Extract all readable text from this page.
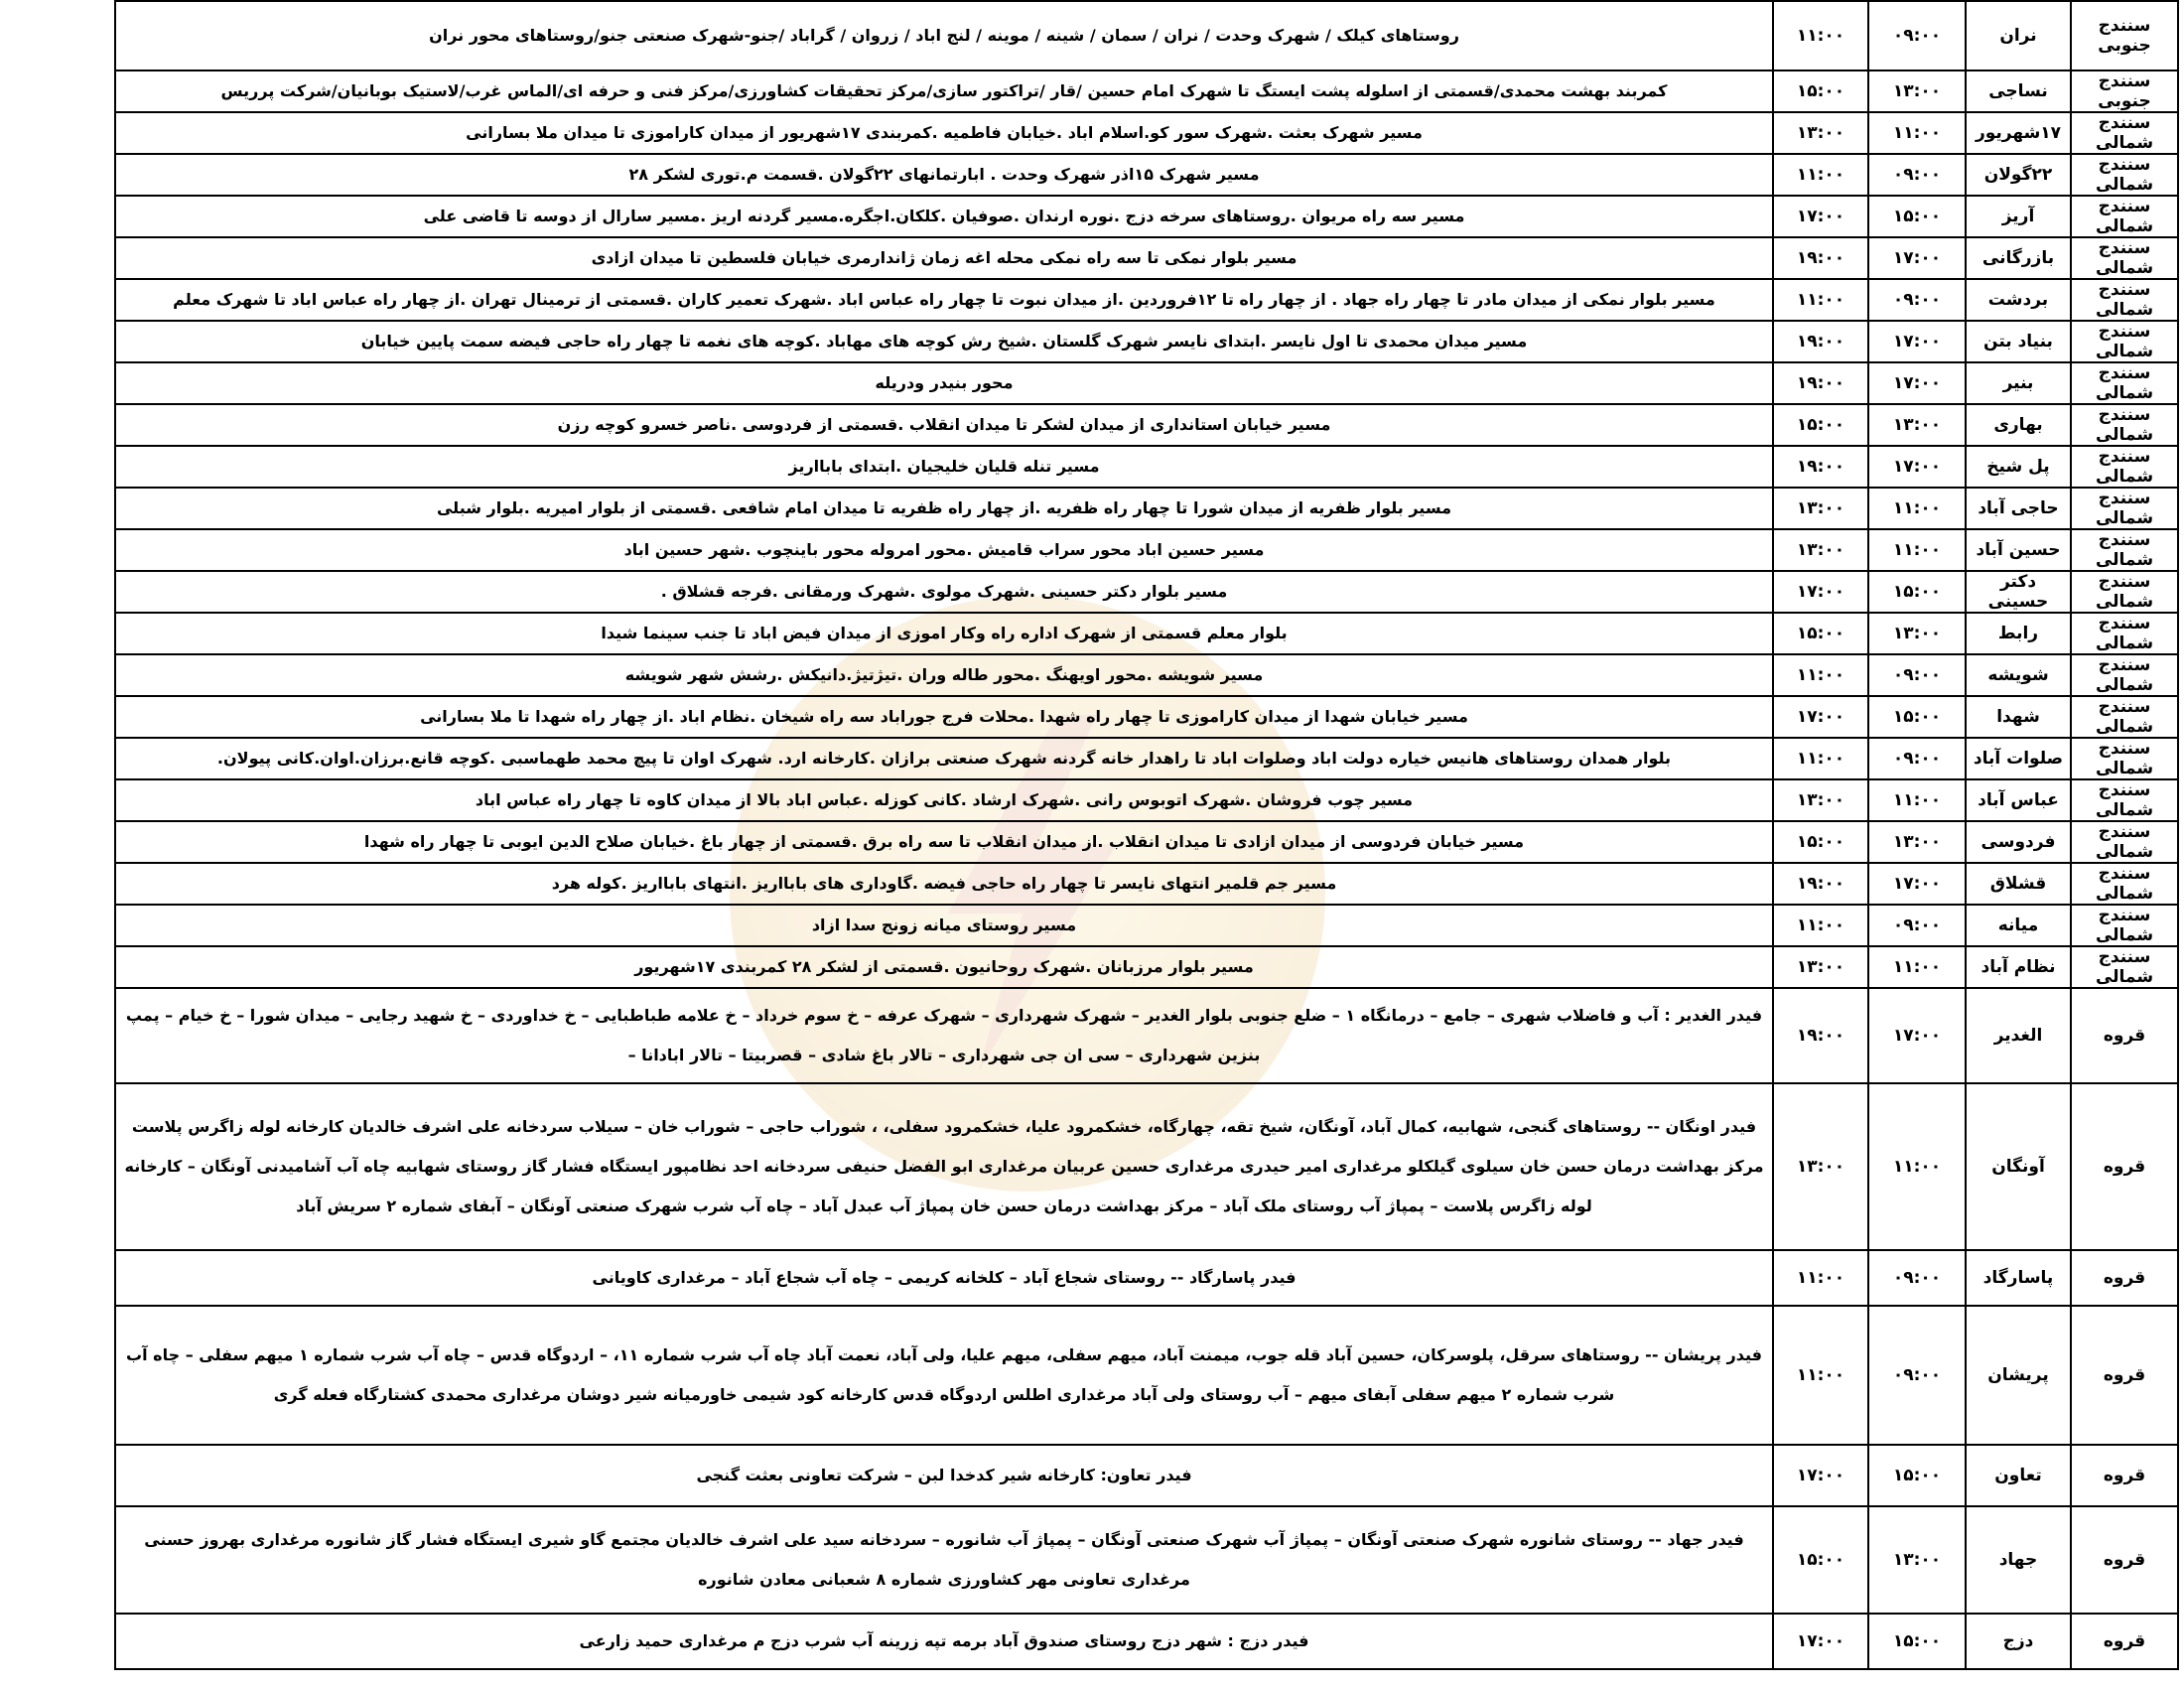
سنندج جنوبی	نران	۰۹:۰۰	۱۱:۰۰	روستاهای کیلک / شهرک وحدت / نران / سمان / شینه / موینه / لنج اباد / زروان / گراباد /جنو-شهرک صنعتی جنو/روستاهای محور نران
سنندج جنوبی	نساجی	۱۳:۰۰	۱۵:۰۰	کمربند بهشت محمدی/قسمتی از اسلوله پشت ایستگ تا شهرک امام حسین /قار /تراکتور سازی/مرکز تحقیقات کشاورزی/مرکز فنی و حرفه ای/الماس غرب/لاستیک بوبانیان/شرکت پرریس
سنندج شمالی	۱۷شهریور	۱۱:۰۰	۱۳:۰۰	مسیر شهرک بعثت .شهرک سور کو.اسلام اباد .خیابان فاطمیه .کمربندی ۱۷شهریور از میدان کاراموزی تا میدان ملا بسارانی
سنندج شمالی	۲۲گولان	۰۹:۰۰	۱۱:۰۰	مسیر شهرک ۱۵اذر شهرک وحدت . ابارتمانهای ۲۲گولان .قسمت م.توری لشکر ۲۸
سنندج شمالی	آریز	۱۵:۰۰	۱۷:۰۰	مسیر سه راه مریوان .روستاهای سرخه دزج .نوره ارندان .صوفیان .کلکان.اجگره.مسیر گردنه اریز .مسیر سارال از دوسه تا قاضی علی
سنندج شمالی	بازرگانی	۱۷:۰۰	۱۹:۰۰	مسیر بلوار نمکی تا سه راه نمکی محله اغه زمان ژاندارمری خیابان فلسطین تا میدان ازادی
سنندج شمالی	بردشت	۰۹:۰۰	۱۱:۰۰	مسیر بلوار نمکی از میدان مادر تا چهار راه جهاد . از چهار راه تا ۱۲فروردین .از میدان نبوت تا چهار راه عباس اباد .شهرک تعمیر کاران .قسمتی از ترمینال تهران .از چهار راه عباس اباد تا شهرک معلم
سنندج شمالی	بنیاد بتن	۱۷:۰۰	۱۹:۰۰	مسیر میدان محمدی تا اول نایسر .ابتدای نایسر شهرک گلستان .شیخ رش کوچه های مهاباد .کوچه های نغمه تا چهار راه حاجی فیضه سمت پایین خیابان
سنندج شمالی	بنیر	۱۷:۰۰	۱۹:۰۰	محور بنیدر ودریله
سنندج شمالی	بهاری	۱۳:۰۰	۱۵:۰۰	مسیر خیابان استانداری از میدان لشکر تا میدان انقلاب .قسمتی از فردوسی .ناصر خسرو کوچه رزن
سنندج شمالی	پل شیخ	۱۷:۰۰	۱۹:۰۰	مسیر تنله قلیان خلیجیان .ابتدای بابااریز
سنندج شمالی	حاجی آباد	۱۱:۰۰	۱۳:۰۰	مسیر بلوار ظفریه از میدان شورا تا چهار راه ظفریه .از چهار راه ظفریه تا میدان امام شافعی .قسمتی از بلوار امیریه .بلوار شبلی
سنندج شمالی	حسین آباد	۱۱:۰۰	۱۳:۰۰	مسیر حسین اباد محور سراب قامیش .محور امروله محور باینچوب .شهر حسین اباد
سنندج شمالی	دکتر حسینی	۱۵:۰۰	۱۷:۰۰	مسیر بلوار دکتر حسینی .شهرک مولوی .شهرک ورمقانی .فرجه قشلاق .
سنندج شمالی	رابط	۱۳:۰۰	۱۵:۰۰	بلوار معلم قسمتی از شهرک اداره راه وکار اموزی از میدان فیض اباد تا جنب سینما شیدا
سنندج شمالی	شویشه	۰۹:۰۰	۱۱:۰۰	مسیر شویشه .محور اویهنگ .محور طاله وران .تیژتیژ.دانیکش .رشش شهر شویشه
سنندج شمالی	شهدا	۱۵:۰۰	۱۷:۰۰	مسیر خیابان شهدا از میدان کاراموزی تا چهار راه شهدا .محلات فرج جوراباد سه راه شیخان .نظام اباد .از چهار راه شهدا تا ملا بسارانی
سنندج شمالی	صلوات آباد	۰۹:۰۰	۱۱:۰۰	بلوار همدان روستاهای هانیس خیاره دولت اباد وصلوات اباد تا راهدار خانه گردنه شهرک صنعتی برازان .کارخانه ارد. شهرک اوان تا پیچ محمد طهماسبی .کوچه قانع.برزان.اوان.کانی پیولان.
سنندج شمالی	عباس آباد	۱۱:۰۰	۱۳:۰۰	مسیر چوب فروشان .شهرک اتوبوس رانی .شهرک ارشاد .کانی کوزله .عباس اباد بالا از میدان کاوه تا چهار راه عباس اباد
سنندج شمالی	فردوسی	۱۳:۰۰	۱۵:۰۰	مسیر خیابان فردوسی از میدان ازادی تا میدان انقلاب .از میدان انقلاب تا سه راه برق .قسمتی از چهار باغ .خیابان صلاح الدین ایوبی تا چهار راه شهدا
سنندج شمالی	قشلاق	۱۷:۰۰	۱۹:۰۰	مسیر جم قلمیر انتهای نایسر تا چهار راه حاجی فیضه .گاوداری های بابااریز .انتهای بابااریز .کوله هرد
سنندج شمالی	میانه	۰۹:۰۰	۱۱:۰۰	مسیر روستای میانه زونج سدا ازاد
سنندج شمالی	نظام آباد	۱۱:۰۰	۱۳:۰۰	مسیر بلوار مرزبانان .شهرک روحانیون .قسمتی از لشکر ۲۸ کمربندی ۱۷شهریور
قروه	الغدیر	۱۷:۰۰	۱۹:۰۰	فیدر الغدیر : آب و فاضلاب شهری – جامع – درمانگاه ۱ – ضلع جنوبی بلوار الغدیر – شهرک شهرداری – شهرک عرفه – خ سوم خرداد – خ علامه طباطبایی – خ خداوردی – خ شهید رجایی – میدان شورا – خ خیام – پمپ بنزین شهرداری – سی ان جی شهرداری – تالار باغ شادی – قصربیتا – تالار ابادانا –
قروه	آونگان	۱۱:۰۰	۱۳:۰۰	فیدر اونگان -- روستاهای گنجی، شهابیه، کمال آباد، آونگان، شیخ تقه، چهارگاه، خشکمرود علیا، خشکمرود سفلی، ، شوراب حاجی – شوراب خان – سیلاب سردخانه علی اشرف خالدیان کارخانه لوله زاگرس پلاست مرکز بهداشت درمان حسن خان سیلوی گیلکلو مرغداری امیر حیدری مرغداری حسین عربیان مرغداری ابو الفضل حنیفی سردخانه احد نظامپور ایستگاه فشار گاز روستای شهابیه چاه آب آشامیدنی آونگان – کارخانه لوله زاگرس پلاست – پمپاژ آب روستای ملک آباد – مرکز بهداشت درمان حسن خان پمپاژ آب عبدل آباد – چاه آب شرب شهرک صنعتی آونگان – آبفای شماره ۲ سریش آباد
قروه	پاسارگاد	۰۹:۰۰	۱۱:۰۰	فیدر پاسارگاد -- روستای شجاع آباد – کلخانه کریمی – چاه آب شجاع آباد – مرغداری کاویانی
قروه	پریشان	۰۹:۰۰	۱۱:۰۰	فیدر پریشان -- روستاهای سرقل، پلوسرکان، حسین آباد قله جوب، میمنت آباد، میهم سفلی، میهم علیا، ولی آباد، نعمت آباد چاه آب شرب شماره ۱۱، – اردوگاه قدس – چاه آب شرب شماره ۱ میهم سفلی – چاه آب شرب شماره ۲ میهم سفلی آبفای میهم – آب روستای ولی آباد مرغداری اطلس اردوگاه قدس کارخانه کود شیمی خاورمیانه شیر دوشان مرغداری محمدی کشتارگاه فعله گری
قروه	تعاون	۱۵:۰۰	۱۷:۰۰	فیدر تعاون: کارخانه شیر کدخدا لبن – شرکت تعاونی بعثت گنجی
قروه	جهاد	۱۳:۰۰	۱۵:۰۰	فیدر جهاد -- روستای شانوره شهرک صنعتی آونگان – پمپاژ آب شهرک صنعتی آونگان – پمپاژ آب شانوره – سردخانه سید علی اشرف خالدیان مجتمع گاو شیری ایستگاه فشار گاز شانوره مرغداری بهروز حسنی مرغداری تعاونی مهر کشاورزی شماره ۸ شعبانی معادن شانوره
قروه	دزج	۱۵:۰۰	۱۷:۰۰	فیدر دزج : شهر دزج روستای صندوق آباد برمه تپه زرینه آب شرب دزج م مرغداری حمید زارعی
